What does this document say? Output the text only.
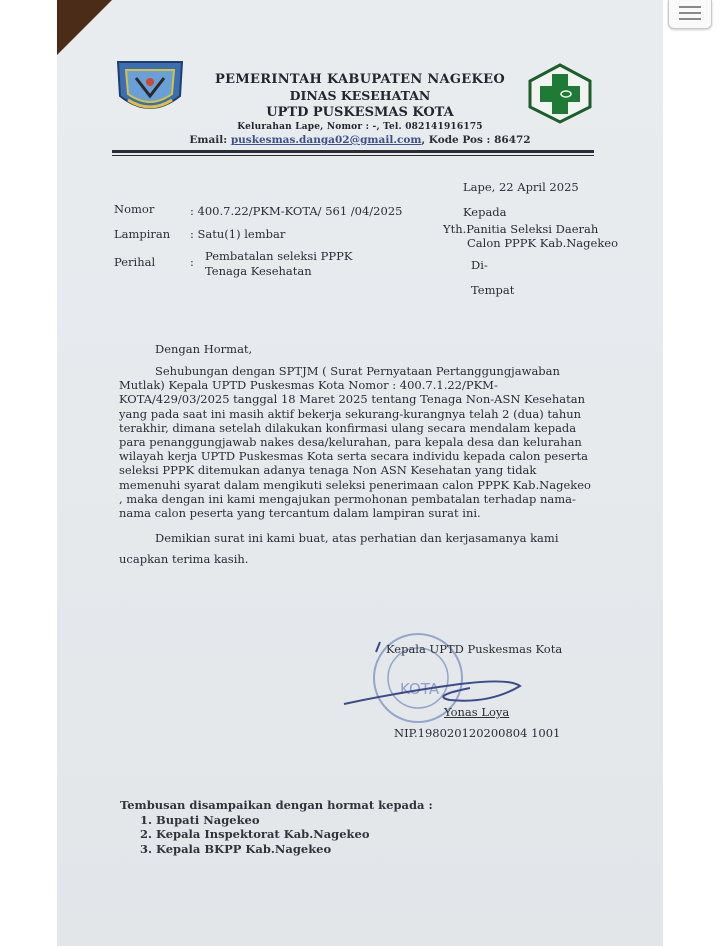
PEMERINTAH KABUPATEN NAGEKEO
DINAS KESEHATAN
UPTD PUSKESMAS KOTA
Kelurahan Lape, Nomor : -, Tel. 082141916175
Email: puskesmas.danga02@gmail.com, Kode Pos : 86472
Lape, 22 April 2025
Nomor	: 400.7.22/PKM-KOTA/ 561 /04/2025
Lampiran : Satu(1) lembar
Perihal	: Pembatalan seleksi PPPK
Tenaga Kesehatan
Kepada
Yth.Panitia Seleksi Daerah
Calon PPPK Kab.Nagekeo
Di-
Tempat
Dengan Hormat,

Sehubungan dengan SPTJM ( Surat Pernyataan Pertanggungjawaban Mutlak) Kepala UPTD Puskesmas Kota Nomor : 400.7.1.22/PKM-KOTA/429/03/2025 tanggal 18 Maret 2025 tentang Tenaga Non-ASN Kesehatan yang pada saat ini masih aktif bekerja sekurang-kurangnya telah 2 (dua) tahun terakhir, dimana setelah dilakukan konfirmasi ulang secara mendalam kepada para penanggungjawab nakes desa/kelurahan, para kepala desa dan kelurahan wilayah kerja UPTD Puskesmas Kota serta secara individu kepada calon peserta seleksi PPPK ditemukan adanya tenaga Non ASN Kesehatan yang tidak memenuhi syarat dalam mengikuti seleksi penerimaan calon PPPK Kab.Nagekeo , maka dengan ini kami mengajukan permohonan pembatalan terhadap nama-nama calon peserta yang tercantum dalam lampiran surat ini.

Demikian surat ini kami buat, atas perhatian dan kerjasamanya kami ucapkan terima kasih.

KOTA
Kepala UPTD Puskesmas Kota
Yonas Loya
NIP.198020120200804 1001
Tembusan disampaikan dengan hormat kepada :
1. Bupati Nagekeo
2. Kepala Inspektorat Kab.Nagekeo
3. Kepala BKPP Kab.Nagekeo
